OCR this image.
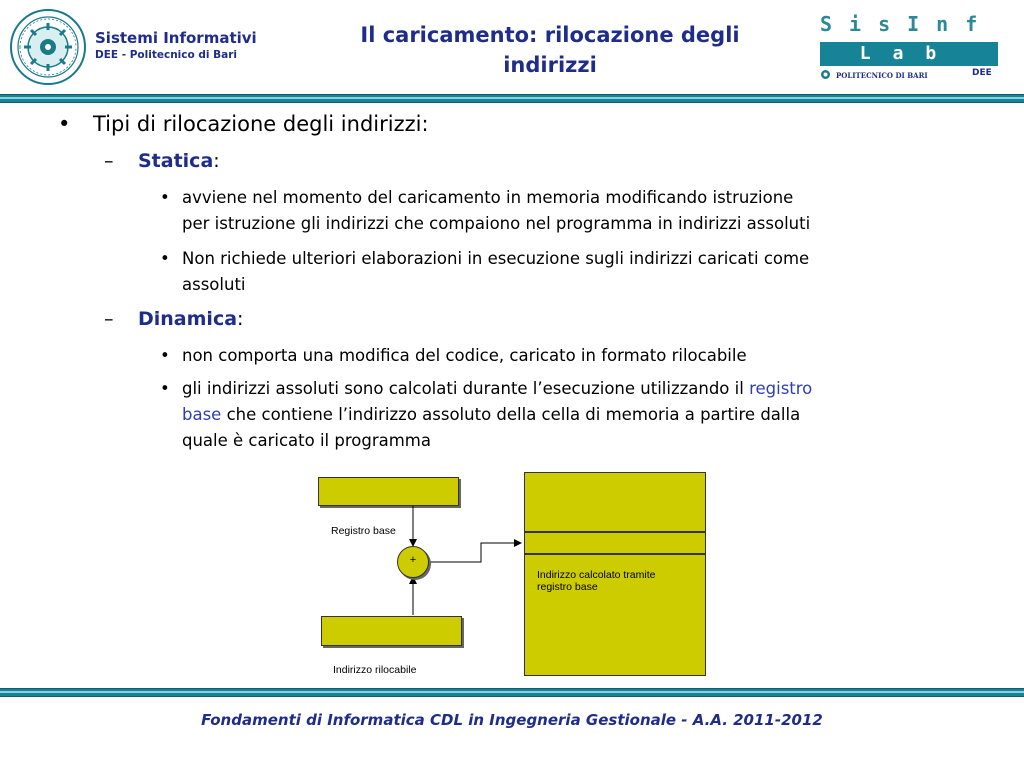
Sistemi Informativi
DEE - Politecnico di Bari
Il caricamento: rilocazione degli
indirizzi
SisInf
Lab
POLITECNICO DI BARI	DEE
• Tipi di rilocazione degli indirizzi:
– Statica:
• avviene nel momento del caricamento in memoria modificando istruzione
per istruzione gli indirizzi che compaiono nel programma in indirizzi assoluti
• Non richiede ulteriori elaborazioni in esecuzione sugli indirizzi caricati come
assoluti
– Dinamica:
• non comporta una modifica del codice, caricato in formato rilocabile
• gli indirizzi assoluti sono calcolati durante l’esecuzione utilizzando il registro
base che contiene l’indirizzo assoluto della cella di memoria a partire dalla
quale è caricato il programma
Registro base
+
Indirizzo rilocabile
Indirizzo calcolato tramite
registro base
Fondamenti di Informatica CDL in Ingegneria Gestionale - A.A. 2011-2012
